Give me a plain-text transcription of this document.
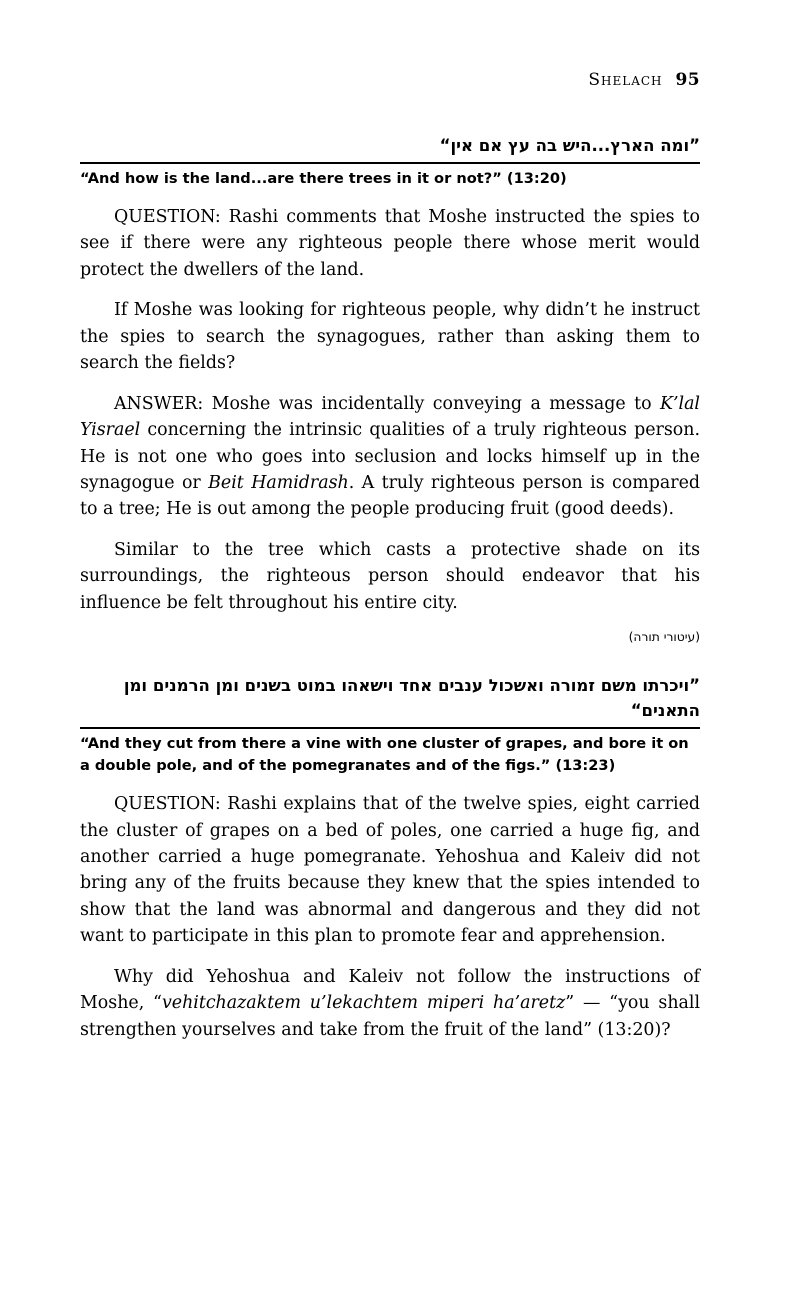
Shelach 95
”ומה הארץ...היש בה עץ אם אין“
“And how is the land...are there trees in it or not?” (13:20)

QUESTION: Rashi comments that Moshe instructed the spies to see if there were any righteous people there whose merit would protect the dwellers of the land.

If Moshe was looking for righteous people, why didn’t he instruct the spies to search the synagogues, rather than asking them to search the fields?

ANSWER: Moshe was incidentally conveying a message to K’lal Yisrael concerning the intrinsic qualities of a truly righteous person. He is not one who goes into seclusion and locks himself up in the synagogue or Beit Hamidrash. A truly righteous person is compared to a tree; He is out among the people producing fruit (good deeds).

Similar to the tree which casts a protective shade on its surroundings, the righteous person should endeavor that his influence be felt throughout his entire city.

(עיטורי תורה)
”ויכרתו משם זמורה ואשכול ענבים אחד וישאהו במוט בשנים ומן הרמנים ומן התאנים“
“And they cut from there a vine with one cluster of grapes, and bore it on a double pole, and of the pomegranates and of the figs.” (13:23)

QUESTION: Rashi explains that of the twelve spies, eight carried the cluster of grapes on a bed of poles, one carried a huge fig, and another carried a huge pomegranate. Yehoshua and Kaleiv did not bring any of the fruits because they knew that the spies intended to show that the land was abnormal and dangerous and they did not want to participate in this plan to promote fear and apprehension.

Why did Yehoshua and Kaleiv not follow the instructions of Moshe, “vehitchazaktem u’lekachtem miperi ha’aretz” — “you shall strengthen yourselves and take from the fruit of the land” (13:20)?
